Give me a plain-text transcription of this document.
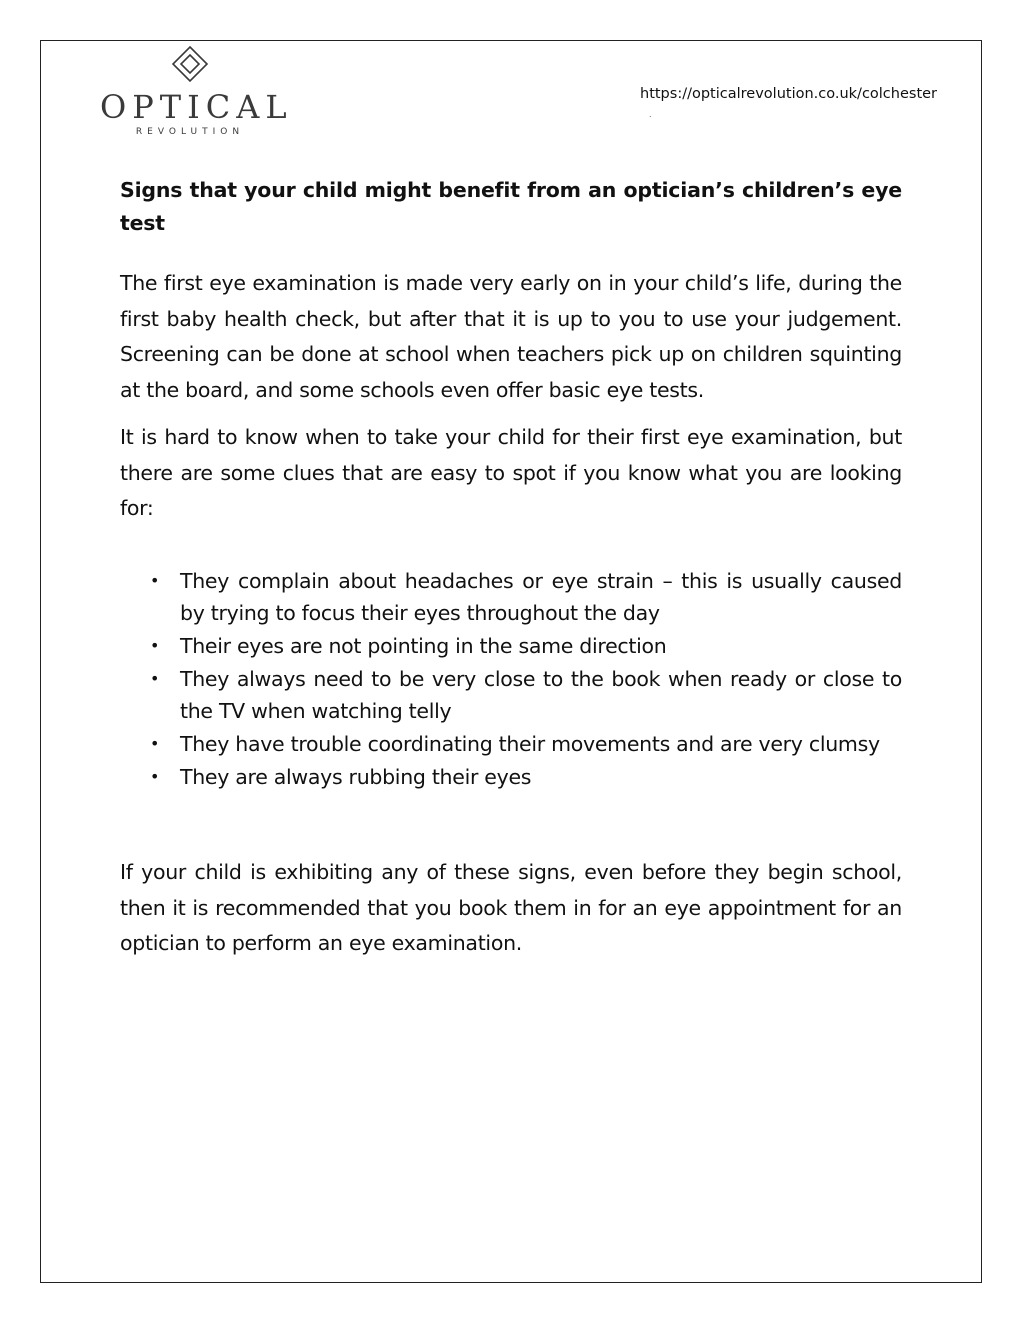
OPTICAL
REVOLUTION
https://opticalrevolution.co.uk/colchester
.
Signs that your child might benefit from an optician’s children’s eye test

The first eye examination is made very early on in your child’s life, during the first baby health check, but after that it is up to you to use your judgement. Screening can be done at school when teachers pick up on children squinting at the board, and some schools even offer basic eye tests.

It is hard to know when to take your child for their first eye examination, but there are some clues that are easy to spot if you know what you are looking for:

• They complain about headaches or eye strain – this is usually caused by trying to focus their eyes throughout the day
• Their eyes are not pointing in the same direction
• They always need to be very close to the book when ready or close to the TV when watching telly
• They have trouble coordinating their movements and are very clumsy
• They are always rubbing their eyes

If your child is exhibiting any of these signs, even before they begin school, then it is recommended that you book them in for an eye appointment for an optician to perform an eye examination.
